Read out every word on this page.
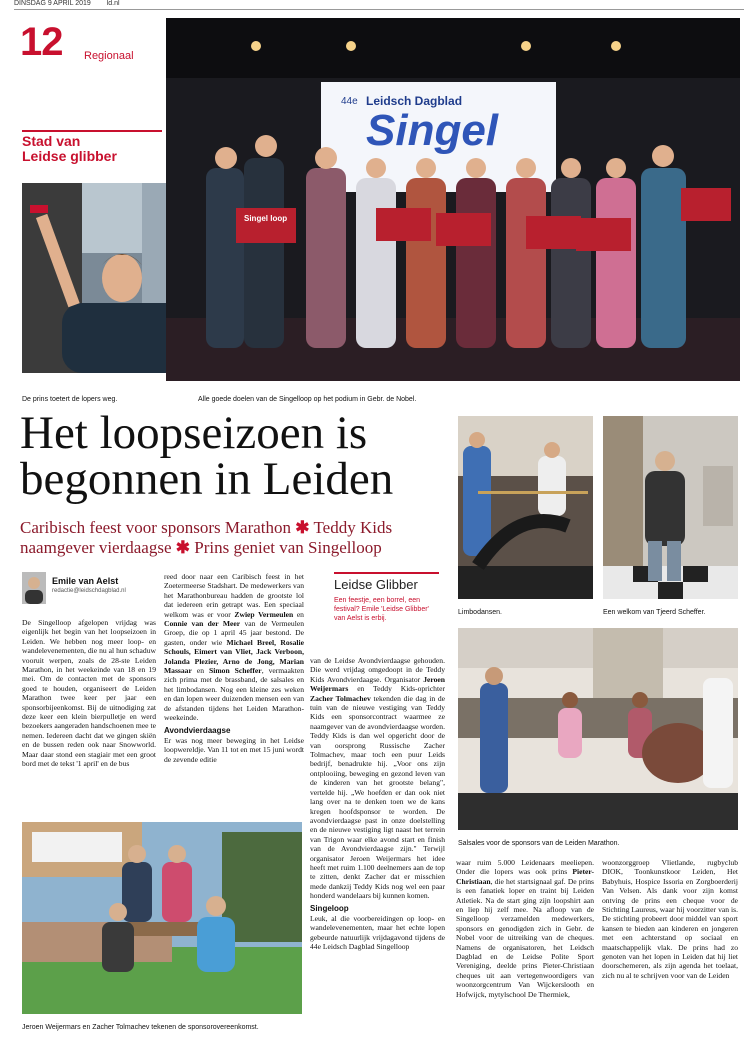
DINSDAG 9 APRIL 2019 ld.nl
12 Regionaal
Stad van
Leidse glibber
44e Leidsch Dagblad
Singel
Singel loop
De prins toetert de lopers weg.	Alle goede doelen van de Singelloop op het podium in Gebr. de Nobel.
Het loopseizoen is
begonnen in Leiden
Caribisch feest voor sponsors Marathon ✱ Teddy Kids
naamgever vierdaagse ✱ Prins geniet van Singelloop
Emile van Aelst
redactie@leidschdagblad.nl	Leidse Glibber
Een feestje, een borrel, een festival? Emile 'Leidse Glibber' van Aelst is erbij.

De Singelloop afgelopen vrijdag was eigenlijk het begin van het loopseizoen in Leiden. We hebben nog meer loop- en wandelevenementen, die nu al hun schaduw vooruit werpen, zoals de 28-ste Leiden Marathon, in het weekeinde van 18 en 19 mei. Om de contacten met de sponsors goed te houden, organiseert de Leiden Marathon twee keer per jaar een sponsorbijeenkomst. Bij de uitnodiging zat deze keer een klein bierpulletje en werd bezoekers aangeraden handschoenen mee te nemen. Iedereen dacht dat we gingen skiën en de bussen reden ook naar Snowworld. Maar daar stond een stagiair met een groot bord met de tekst '1 april' en de bus

reed door naar een Caribisch feest in het Zoetermeerse Stadshart. De medewerkers van het Marathonbureau hadden de grootste lol dat iedereen erin getrapt was. Een speciaal welkom was er voor Zwiep Vermeulen en Connie van der Meer van de Vermeulen Groep, die op 1 april 45 jaar bestond. De gasten, onder wie Michael Breel, Rosalie Schouls, Eimert van Vliet, Jack Verboon, Jolanda Plezier, Arno de Jong, Marian Massaar en Simon Scheffer, vermaakten zich prima met de brassband, de salsales en het limbodansen. Nog een kleine zes weken en dan lopen weer duizenden mensen een van de afstanden tijdens het Leiden Marathon-weekeinde.

Avondvierdaagse

Er was nog meer beweging in het Leidse loopwereldje. Van 11 tot en met 15 juni wordt de zevende editie

van de Leidse Avondvierdaagse gehouden. Die werd vrijdag omgedoopt in de Teddy Kids Avondvierdaagse. Organisator Jeroen Weijermars en Teddy Kids-oprichter Zacher Tolmachev tekenden die dag in de tuin van de nieuwe vestiging van Teddy Kids een sponsorcontract waarmee ze naamgever van de avondvierdaagse worden. Teddy Kids is dan wel opgericht door de van oorsprong Russische Zacher Tolmachev, maar toch een puur Leids bedrijf, benadrukte hij. „Voor ons zijn ontplooiing, beweging en gezond leven van de kinderen van het grootste belang", vertelde hij. „We hoefden er dan ook niet lang over na te denken toen we de kans kregen hoofdsponsor te worden. De avondvierdaagse past in onze doelstelling en de nieuwe vestiging ligt naast het terrein van Trigon waar elke avond start en finish van de Avondvierdaagse zijn." Terwijl organisator Jeroen Weijermars het idee heeft met ruim 1.100 deelnemers aan de top te zitten, denkt Zacher dat er misschien mede dankzij Teddy Kids nog wel een paar honderd wandelaars bij kunnen komen.

Singeloop

Leuk, al die voorbereidingen op loop- en wandelevenementen, maar het echte lopen gebeurde natuurlijk vrijdagavond tijdens de 44e Leidsch Dagblad Singelloop

waar ruim 5.000 Leidenaars meeliepen. Onder die lopers was ook prins Pieter-Christiaan, die het startsignaal gaf. De prins is een fanatiek loper en traint bij Leiden Atletiek. Na de start ging zijn loopshirt aan en liep hij zelf mee. Na afloop van de Singelloop verzamelden medewerkers, sponsors en genodigden zich in Gebr. de Nobel voor de uitreiking van de cheques. Namens de organisatoren, het Leidsch Dagblad en de Leidse Polite Sport Vereniging, deelde prins Pieter-Christiaan cheques uit aan vertegenwoordigers van woonzorgcentrum Van Wijckerslooth en Hofwijck, mytylschool De Thermiek,

woonzorggroep Vlietlande, rugbyclub DIOK, Toonkunstkoor Leiden, Het Babyhuis, Hospice Issoria en Zorgboerderij Van Velsen. Als dank voor zijn komst ontving de prins een cheque voor de Stichting Laureus, waar hij voorzitter van is. De stichting probeert door middel van sport kansen te bieden aan kinderen en jongeren met een achterstand op sociaal en maatschappelijk vlak. De prins had zo genoten van het lopen in Leiden dat hij liet doorschemeren, als zijn agenda het toelaat, zich nu al te schrijven voor van de Leiden

Limbodansen.	Een welkom van Tjeerd Scheffer.
Salsales voor de sponsors van de Leiden Marathon.
Jeroen Weijermars en Zacher Tolmachev tekenen de sponsorovereenkomst.
